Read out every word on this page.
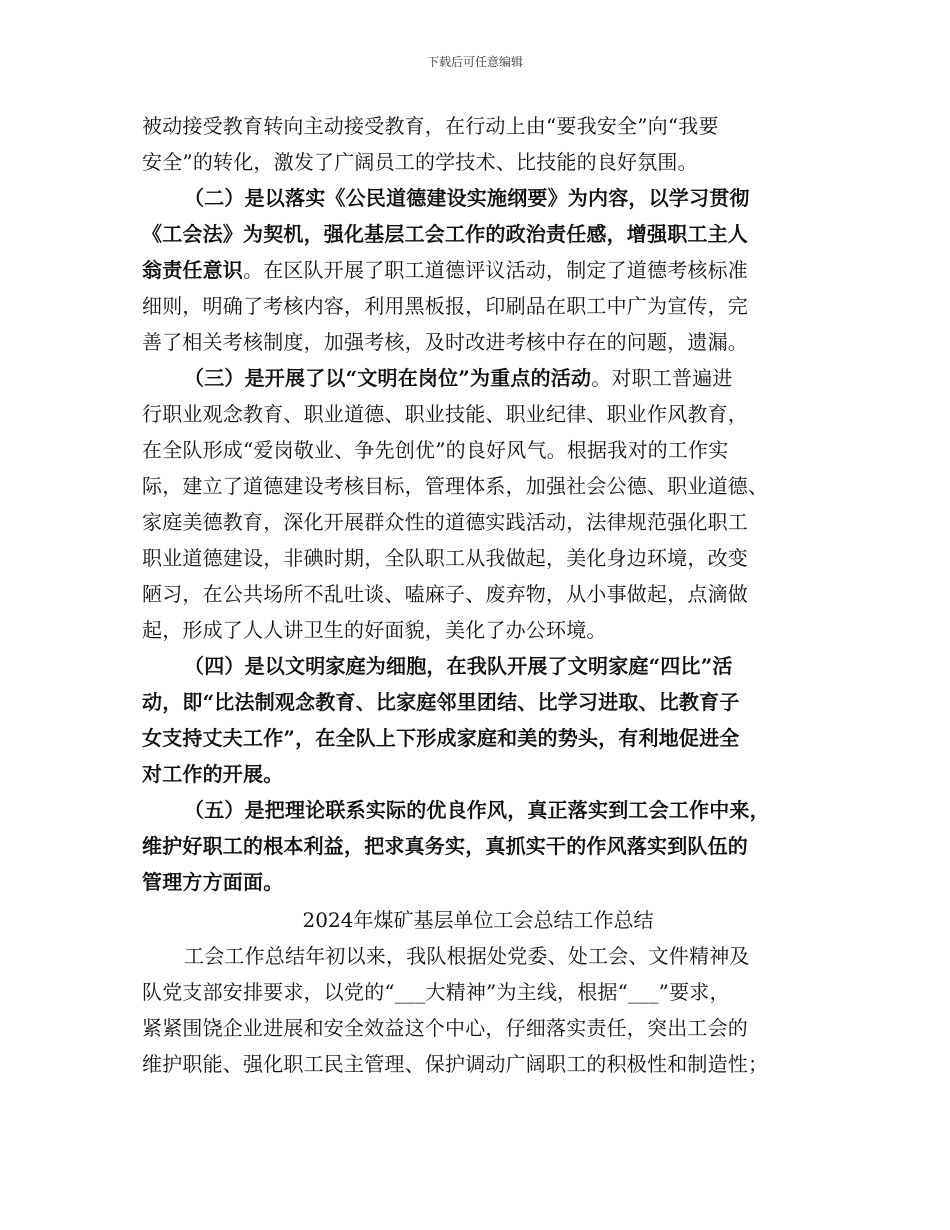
下载后可任意编辑
被动接受教育转向主动接受教育，在行动上由“要我安全”向“我要
安全”的转化，激发了广阔员工的学技术、比技能的良好氛围。
（二）是以落实《公民道德建设实施纲要》为内容，以学习贯彻
《工会法》为契机，强化基层工会工作的政治责任感，增强职工主人
翁责任意识。在区队开展了职工道德评议活动，制定了道德考核标准
细则，明确了考核内容，利用黑板报，印刷品在职工中广为宣传，完
善了相关考核制度，加强考核，及时改进考核中存在的问题，遗漏。
（三）是开展了以“文明在岗位”为重点的活动。对职工普遍进
行职业观念教育、职业道德、职业技能、职业纪律、职业作风教育，
在全队形成“爱岗敬业、争先创优”的良好风气。根据我对的工作实
际，建立了道德建设考核目标，管理体系，加强社会公德、职业道德、
家庭美德教育，深化开展群众性的道德实践活动，法律规范强化职工
职业道德建设，非碘时期，全队职工从我做起，美化身边环境，改变
陋习，在公共场所不乱吐谈、嗑麻子、废弃物，从小事做起，点滴做
起，形成了人人讲卫生的好面貌，美化了办公环境。
（四）是以文明家庭为细胞，在我队开展了文明家庭“四比”活
动，即“比法制观念教育、比家庭邻里团结、比学习进取、比教育子
女支持丈夫工作”，在全队上下形成家庭和美的势头，有利地促进全
对工作的开展。
（五）是把理论联系实际的优良作风，真正落实到工会工作中来，
维护好职工的根本利益，把求真务实，真抓实干的作风落实到队伍的
管理方方面面。
2024年煤矿基层单位工会总结工作总结
工会工作总结年初以来，我队根据处党委、处工会、文件精神及
队党支部安排要求，以党的“___大精神”为主线，根据“___”要求，
紧紧围饶企业进展和安全效益这个中心，仔细落实责任，突出工会的
维护职能、强化职工民主管理、保护调动广阔职工的积极性和制造性；
